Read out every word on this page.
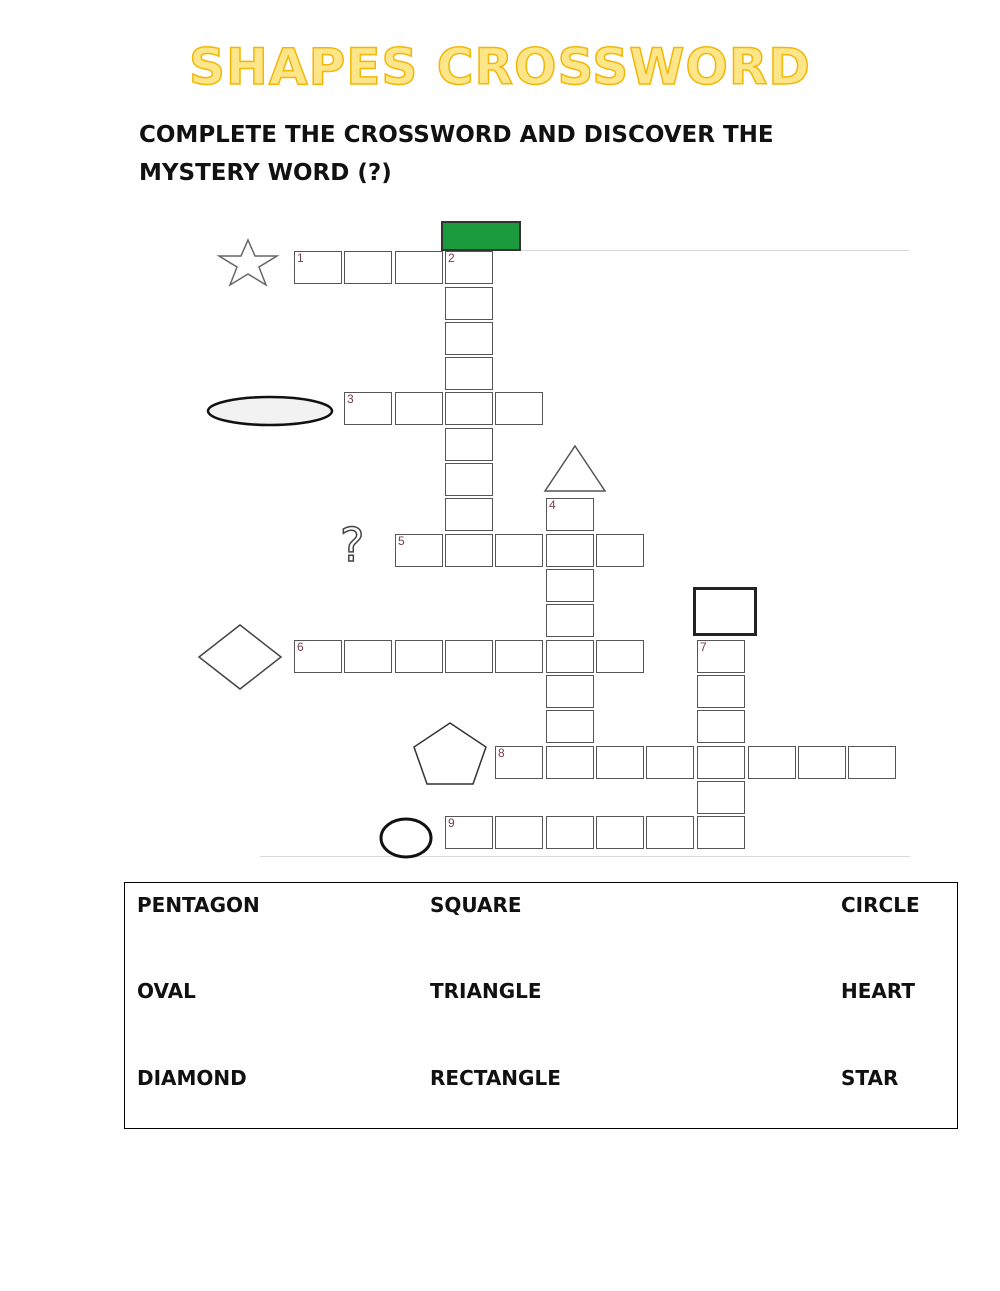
SHAPES CROSSWORD
COMPLETE THE CROSSWORD AND DISCOVER THE MYSTERY WORD (?)
?
1	2
3
4
5
6	7
8
9
PENTAGON
OVAL
DIAMOND
SQUARE
TRIANGLE
RECTANGLE
CIRCLE
HEART
STAR
